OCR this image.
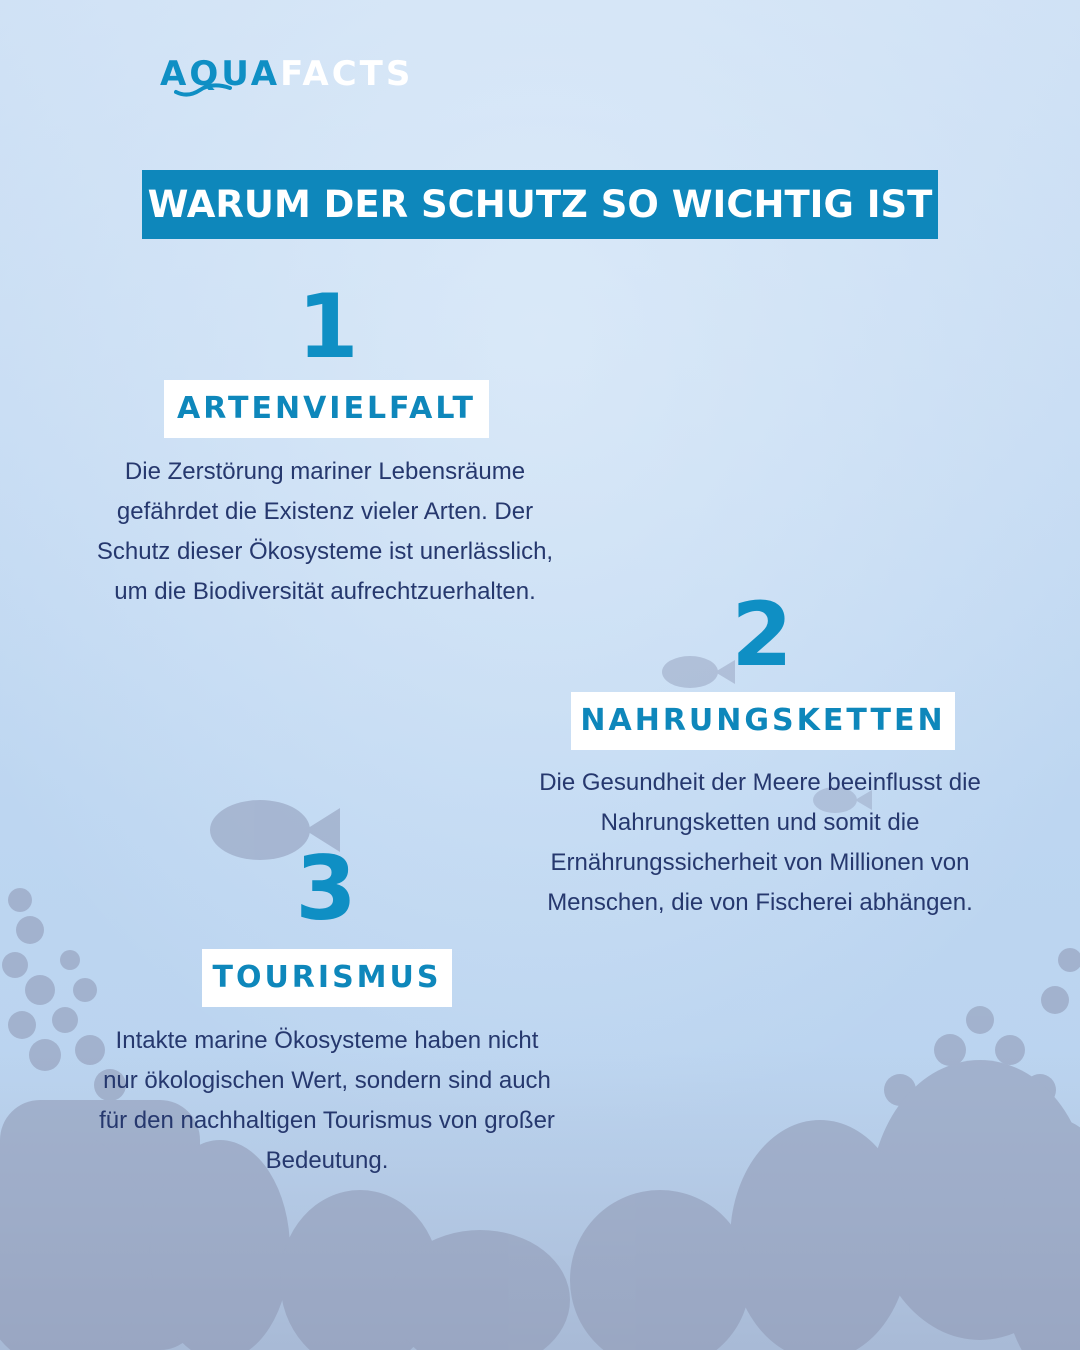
AQUAFACTS
WARUM DER SCHUTZ SO WICHTIG IST
1
ARTENVIELFALT
Die Zerstörung mariner Lebensräume
gefährdet die Existenz vieler Arten. Der
Schutz dieser Ökosysteme ist unerlässlich,
um die Biodiversität aufrechtzuerhalten.	2
NAHRUNGSKETTEN
Die Gesundheit der Meere beeinflusst die
Nahrungsketten und somit die
Ernährungssicherheit von Millionen von
Menschen, die von Fischerei abhängen.
3
TOURISMUS
Intakte marine Ökosysteme haben nicht
nur ökologischen Wert, sondern sind auch
für den nachhaltigen Tourismus von großer
Bedeutung.
